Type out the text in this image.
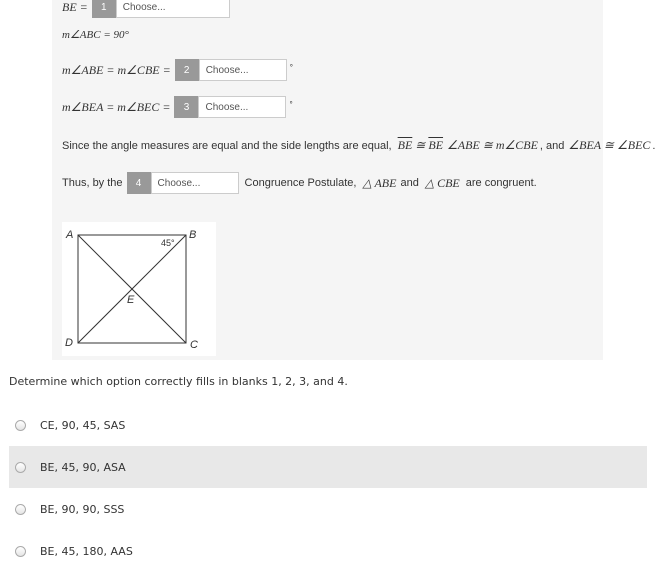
BE =	1	Choose...
m∠ABC = 90°
m∠ABE = m∠CBE =	2	Choose...	°
m∠BEA = m∠BEC =	3	Choose...	°
Since the angle measures are equal and the side lengths are equal, $\overline{BE}$ ≅ $\overline{BE}$ ∠ABE ≅ m∠CBE , and ∠BEA ≅ ∠BEC
Thus, by the	4	Choose...	Congruence Postulate, △ ABE and △ CBE are congruent.
A	B
C
D
E
45°
Determine which option correctly fills in blanks 1, 2, 3, and 4.
CE, 90, 45, SAS
BE, 45, 90, ASA
BE, 90, 90, SSS
BE, 45, 180, AAS
